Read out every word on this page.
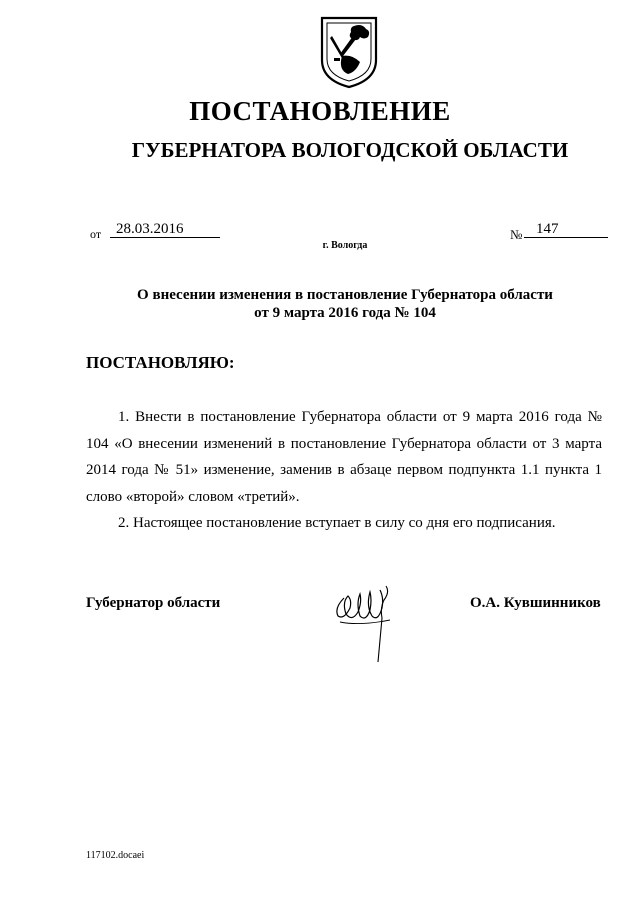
ПОСТАНОВЛЕНИЕ
ГУБЕРНАТОРА ВОЛОГОДСКОЙ ОБЛАСТИ
от 28.03.2016	№ 147
г. Вологда
О внесении изменения в постановление Губернатора области
от 9 марта 2016 года № 104
ПОСТАНОВЛЯЮ:

1. Внести в постановление Губернатора области от 9 марта 2016 года № 104 «О внесении изменений в постановление Губернатора области от 3 марта 2014 года № 51» изменение, заменив в абзаце первом подпункта 1.1 пункта 1 слово «второй» словом «третий».

2. Настоящее постановление вступает в силу со дня его подписания.

Губернатор области	О.А. Кувшинников
117102.docaei
